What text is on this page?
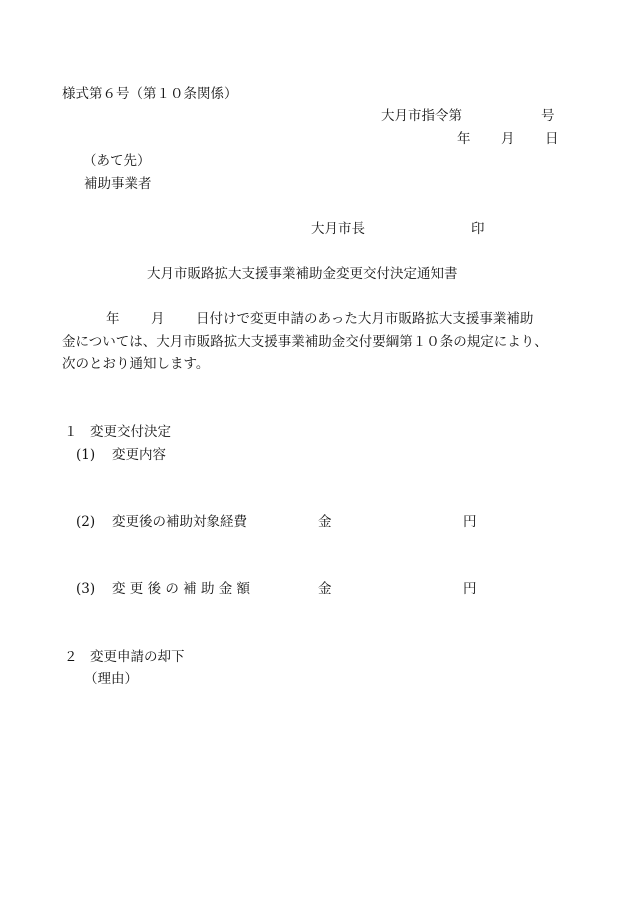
様式第６号（第１０条関係）
大月市指令第	号
年 月 日
（あて先）
補助事業者
大月市長	印
大月市販路拡大支援事業補助金変更交付決定通知書
年 月 日付けで変更申請のあった大月市販路拡大支援事業補助
金については、大月市販路拡大支援事業補助金交付要綱第１０条の規定により、
次のとおり通知します。
１ 変更交付決定
(1) 変更内容
(2) 変更後の補助対象経費	金	円
(3) 変 更 後 の 補 助 金 額	金	円
２ 変更申請の却下
（理由）
